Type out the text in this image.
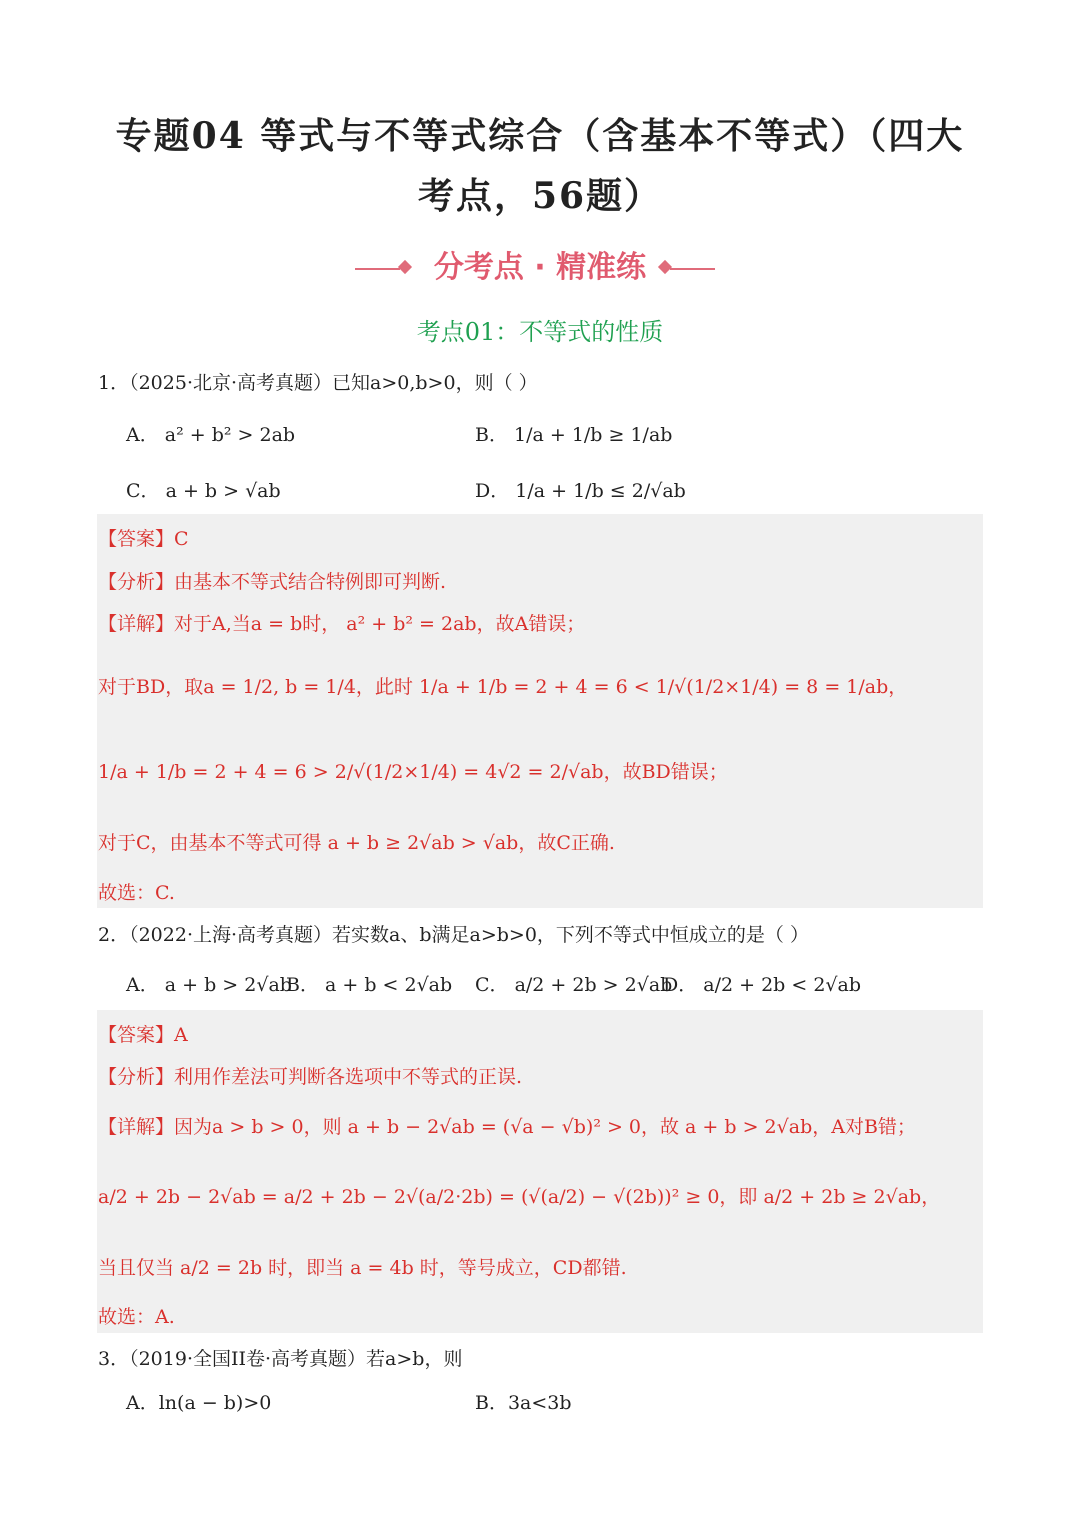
专题04 等式与不等式综合（含基本不等式）（四大
考点，56题）
分考点 · 精准练
考点01：不等式的性质
1．（2025·北京·高考真题）已知a>0,b>0，则（ ）
A． a² + b² > 2ab	B． 1/a + 1/b ≥ 1/ab
C． a + b > √ab	D． 1/a + 1/b ≤ 2/√ab
【答案】C
【分析】由基本不等式结合特例即可判断.
【详解】对于A,当a = b时， a² + b² = 2ab，故A错误；
对于BD，取a = 1/2, b = 1/4，此时 1/a + 1/b = 2 + 4 = 6 < 1/√(1/2×1/4) = 8 = 1/ab，
1/a + 1/b = 2 + 4 = 6 > 2/√(1/2×1/4) = 4√2 = 2/√ab，故BD错误；
对于C，由基本不等式可得 a + b ≥ 2√ab > √ab，故C正确.
故选：C.
2．（2022·上海·高考真题）若实数a、b满足a>b>0，下列不等式中恒成立的是（ ）
A． a + b > 2√ab
B． a + b < 2√ab C． a/2 + 2b > 2√ab
D． a/2 + 2b < 2√ab
【答案】A
【分析】利用作差法可判断各选项中不等式的正误.
【详解】因为a > b > 0，则 a + b − 2√ab = (√a − √b)² > 0，故 a + b > 2√ab，A对B错；
a/2 + 2b − 2√ab = a/2 + 2b − 2√(a/2·2b) = (√(a/2) − √(2b))² ≥ 0，即 a/2 + 2b ≥ 2√ab，
当且仅当 a/2 = 2b 时，即当 a = 4b 时，等号成立，CD都错.
故选：A.
3．（2019·全国II卷·高考真题）若a>b，则
A．ln(a − b)>0	B．3a<3b
